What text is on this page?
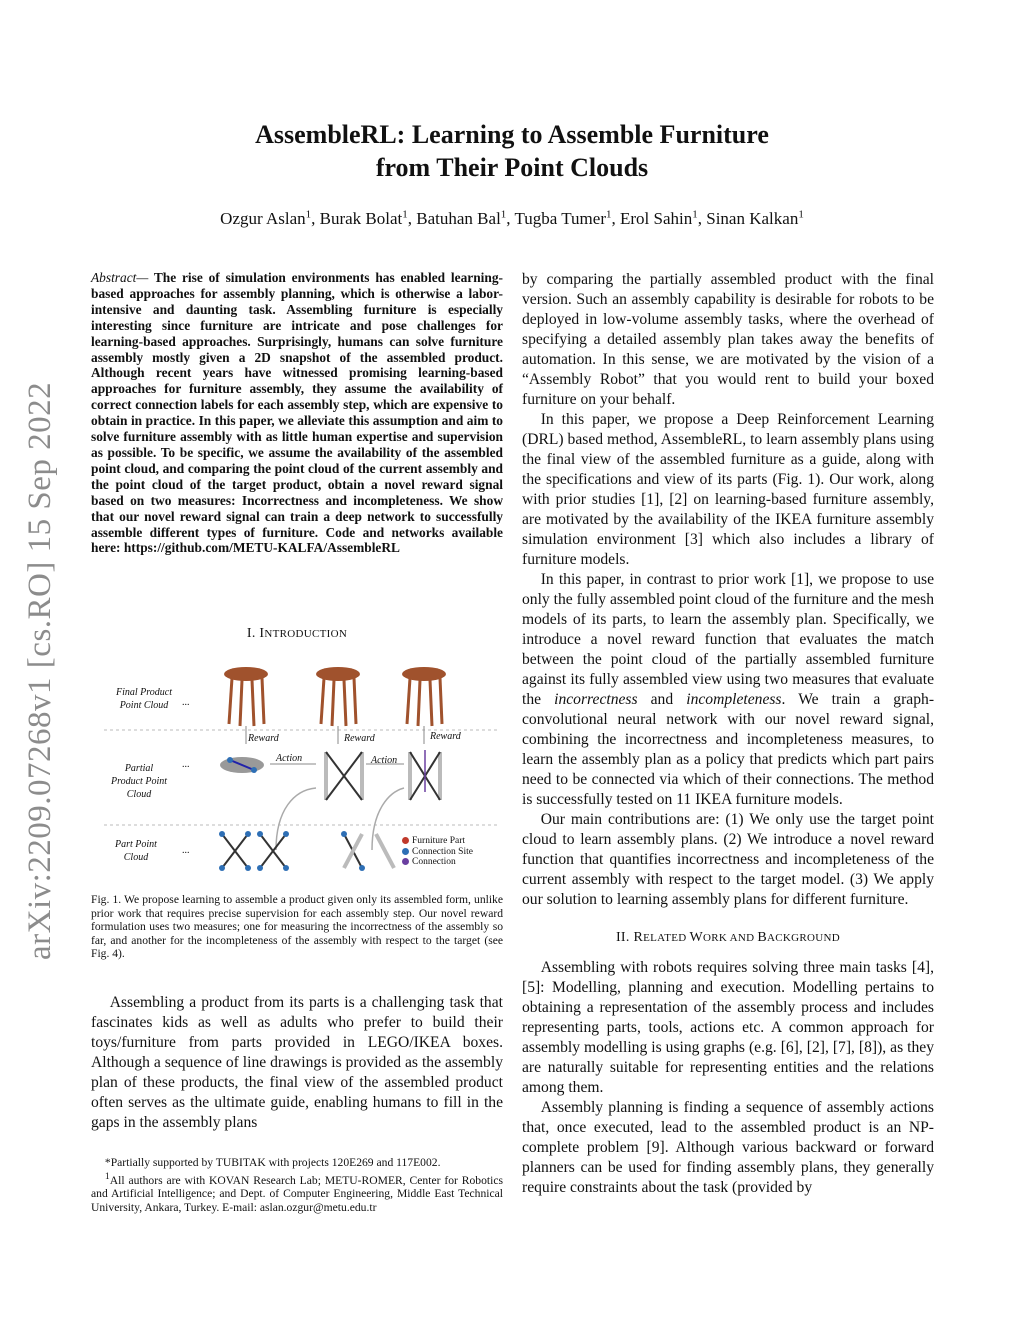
arXiv:2209.07268v1 [cs.RO] 15 Sep 2022
AssembleRL: Learning to Assemble Furniture
from Their Point Clouds
Ozgur Aslan$^1$, Burak Bolat$^1$, Batuhan Bal$^1$, Tugba Tumer$^1$, Erol Sahin$^1$, Sinan Kalkan$^1$
Abstract— The rise of simulation environments has enabled learning-based approaches for assembly planning, which is otherwise a labor-intensive and daunting task. Assembling furniture is especially interesting since furniture are intricate and pose challenges for learning-based approaches. Surprisingly, humans can solve furniture assembly mostly given a 2D snapshot of the assembled product. Although recent years have witnessed promising learning-based approaches for furniture assembly, they assume the availability of correct connection labels for each assembly step, which are expensive to obtain in practice. In this paper, we alleviate this assumption and aim to solve furniture assembly with as little human expertise and supervision as possible. To be specific, we assume the availability of the assembled point cloud, and comparing the point cloud of the current assembly and the point cloud of the target product, obtain a novel reward signal based on two measures: Incorrectness and incompleteness. We show that our novel reward signal can train a deep network to successfully assemble different types of furniture. Code and networks available here: https://github.com/METU-KALFA/AssembleRL
I. INTRODUCTION
Final Product Point Cloud
Partial Product Point Cloud
Part Point Cloud
...
...
...
Reward	Reward	Reward
Action	Action
Furniture Part
Connection Site
Connection
Fig. 1. We propose learning to assemble a product given only its assembled form, unlike prior work that requires precise supervision for each assembly step. Our novel reward formulation uses two measures; one for measuring the incorrectness of the assembly so far, and another for the incompleteness of the assembly with respect to the target (see Fig. 4).

Assembling a product from its parts is a challenging task that fascinates kids as well as adults who prefer to build their toys/furniture from parts provided in LEGO/IKEA boxes. Although a sequence of line drawings is provided as the assembly plan of these products, the final view of the assembled product often serves as the ultimate guide, enabling humans to fill in the gaps in the assembly plans

*Partially supported by TUBITAK with projects 120E269 and 117E002.

$^1$All authors are with KOVAN Research Lab; METU-ROMER, Center for Robotics and Artificial Intelligence; and Dept. of Computer Engineering, Middle East Technical University, Ankara, Turkey. E-mail: aslan.ozgur@metu.edu.tr

by comparing the partially assembled product with the final version. Such an assembly capability is desirable for robots to be deployed in low-volume assembly tasks, where the overhead of specifying a detailed assembly plan takes away the benefits of automation. In this sense, we are motivated by the vision of a “Assembly Robot” that you would rent to build your boxed furniture on your behalf.

In this paper, we propose a Deep Reinforcement Learning (DRL) based method, AssembleRL, to learn assembly plans using the final view of the assembled furniture as a guide, along with the specifications and view of its parts (Fig. 1). Our work, along with prior studies [1], [2] on learning-based furniture assembly, are motivated by the availability of the IKEA furniture assembly simulation environment [3] which also includes a library of furniture models.

In this paper, in contrast to prior work [1], we propose to use only the fully assembled point cloud of the furniture and the mesh models of its parts, to learn the assembly plan. Specifically, we introduce a novel reward function that evaluates the match between the point cloud of the partially assembled furniture against its fully assembled view using two measures that evaluate the incorrectness and incompleteness. We train a graph-convolutional neural network with our novel reward signal, combining the incorrectness and incompleteness measures, to learn the assembly plan as a policy that predicts which part pairs need to be connected via which of their connections. The method is successfully tested on 11 IKEA furniture models.

Our main contributions are: (1) We only use the target point cloud to learn assembly plans. (2) We introduce a novel reward function that quantifies incorrectness and incompleteness of the current assembly with respect to the target model. (3) We apply our solution to learning assembly plans for different furniture.

II. RELATED WORK AND BACKGROUND

Assembling with robots requires solving three main tasks [4], [5]: Modelling, planning and execution. Modelling pertains to obtaining a representation of the assembly process and includes representing parts, tools, actions etc. A common approach for assembly modelling is using graphs (e.g. [6], [2], [7], [8]), as they are naturally suitable for representing entities and the relations among them.

Assembly planning is finding a sequence of assembly actions that, once executed, lead to the assembled product is an NP-complete problem [9]. Although various backward or forward planners can be used for finding assembly plans, they generally require constraints about the task (provided by
